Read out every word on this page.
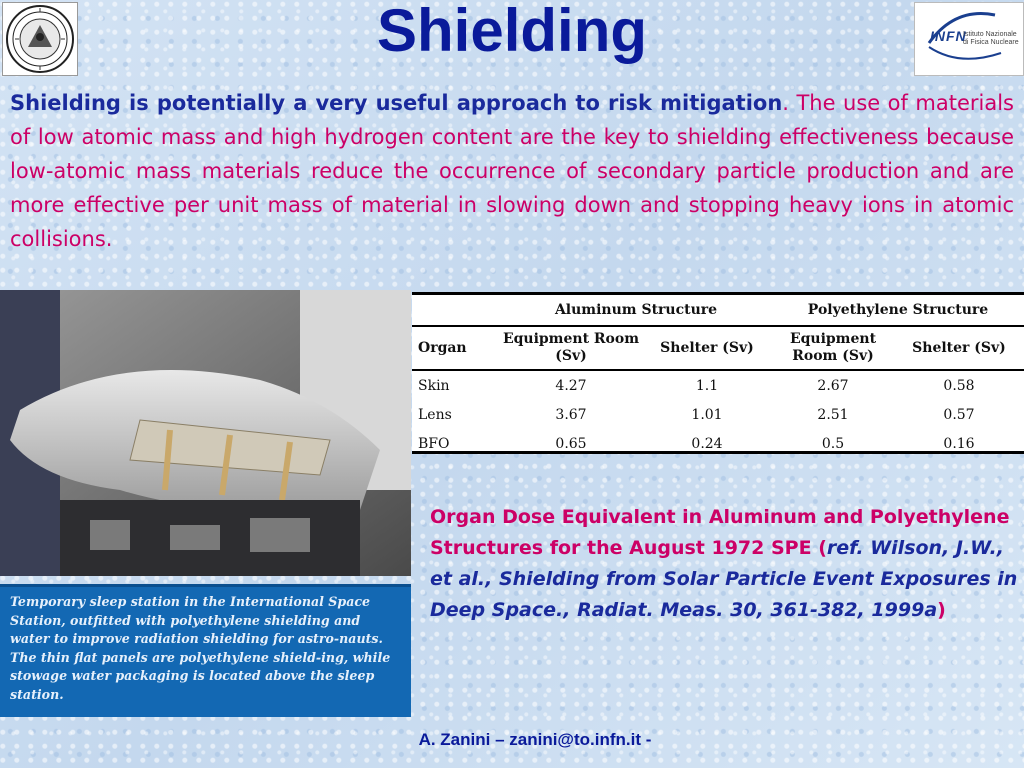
INFN
Istituto Nazionale di Fisica Nucleare
Shielding
Shielding is potentially a very useful approach to risk mitigation. The use of materials of low atomic mass and high hydrogen content are the key to shielding effectiveness because low-atomic mass materials reduce the occurrence of secondary particle production and are more effective per unit mass of material in slowing down and stopping heavy ions in atomic collisions.
Temporary sleep station in the International Space Station, outfitted with polyethylene shielding and water to improve radiation shielding for astro-nauts. The thin flat panels are polyethylene shield-ing, while stowage water packaging is located above the sleep station.
	Aluminum Structure		Polyethylene Structure	
Organ	Equipment Room (Sv)	Shelter (Sv)	Equipment Room (Sv)	Shelter (Sv)
Skin	4.27	1.1	2.67	0.58
Lens	3.67	1.01	2.51	0.57
BFO	0.65	0.24	0.5	0.16
Organ Dose Equivalent in Aluminum and Polyethylene Structures for the August 1972 SPE (ref. Wilson, J.W., et al., Shielding from Solar Particle Event Exposures in Deep Space., Radiat. Meas. 30, 361-382, 1999a)
A. Zanini – zanini@to.infn.it -
